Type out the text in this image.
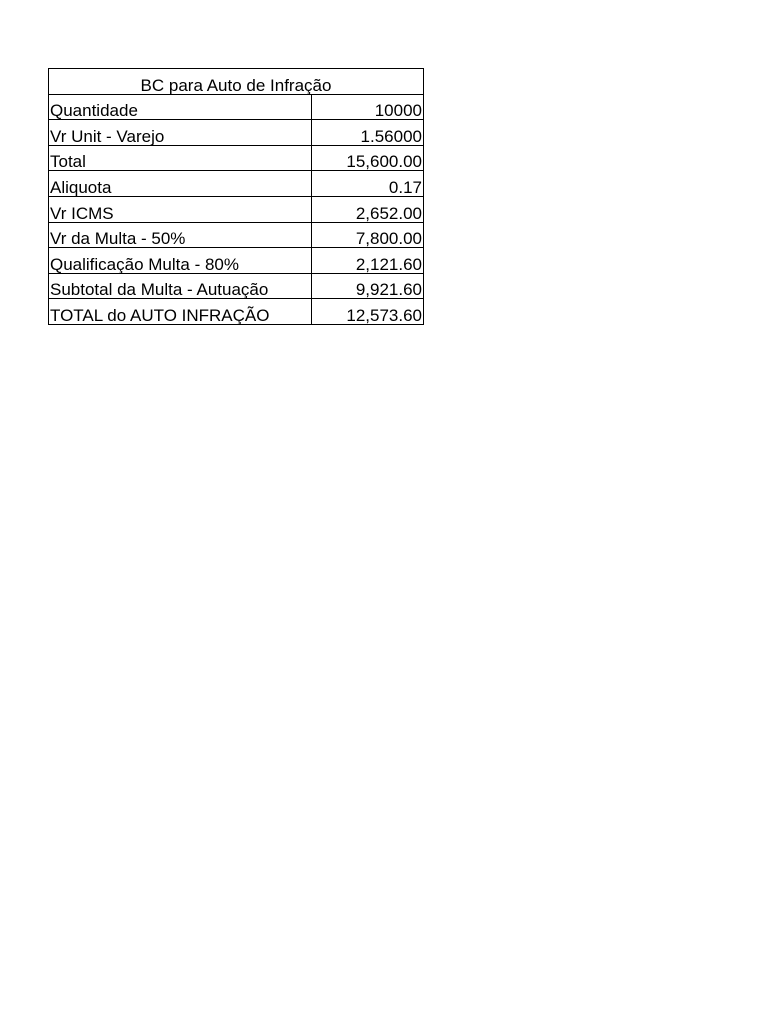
BC para Auto de Infração	
Quantidade	10000
Vr Unit - Varejo	1.56000
Total	15,600.00
Aliquota	0.17
Vr ICMS	2,652.00
Vr da Multa - 50%	7,800.00
Qualificação Multa - 80%	2,121.60
Subtotal da Multa - Autuação	9,921.60
TOTAL do AUTO INFRAÇÃO	12,573.60
